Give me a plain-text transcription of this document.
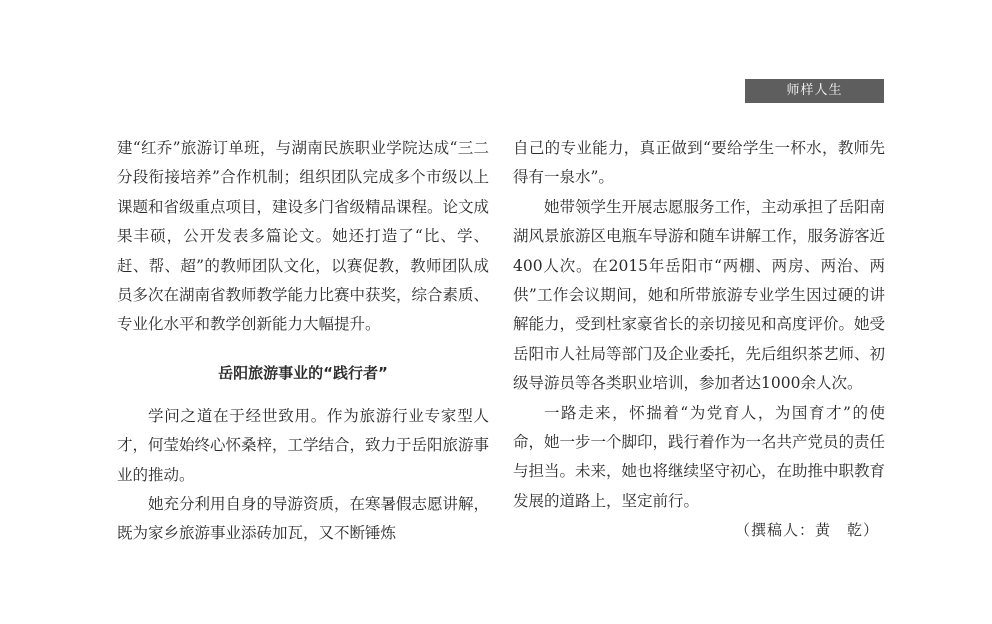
师样人生

建“红乔”旅游订单班，与湖南民族职业学院达成“三二分段衔接培养”合作机制；组织团队完成多个市级以上课题和省级重点项目，建设多门省级精品课程。论文成果丰硕，公开发表多篇论文。她还打造了“比、学、赶、帮、超”的教师团队文化，以赛促教，教师团队成员多次在湖南省教师教学能力比赛中获奖，综合素质、专业化水平和教学创新能力大幅提升。

岳阳旅游事业的“践行者”

学问之道在于经世致用。作为旅游行业专家型人才，何莹始终心怀桑梓，工学结合，致力于岳阳旅游事业的推动。

她充分利用自身的导游资质，在寒暑假志愿讲解，既为家乡旅游事业添砖加瓦，又不断锤炼

自己的专业能力，真正做到“要给学生一杯水，教师先得有一泉水”。

她带领学生开展志愿服务工作，主动承担了岳阳南湖风景旅游区电瓶车导游和随车讲解工作，服务游客近400人次。在2015年岳阳市“两棚、两房、两治、两供”工作会议期间，她和所带旅游专业学生因过硬的讲解能力，受到杜家豪省长的亲切接见和高度评价。她受岳阳市人社局等部门及企业委托，先后组织茶艺师、初级导游员等各类职业培训，参加者达1000余人次。

一路走来，怀揣着“为党育人，为国育才”的使命，她一步一个脚印，践行着作为一名共产党员的责任与担当。未来，她也将继续坚守初心，在助推中职教育发展的道路上，坚定前行。

（撰稿人：黄　乾）
